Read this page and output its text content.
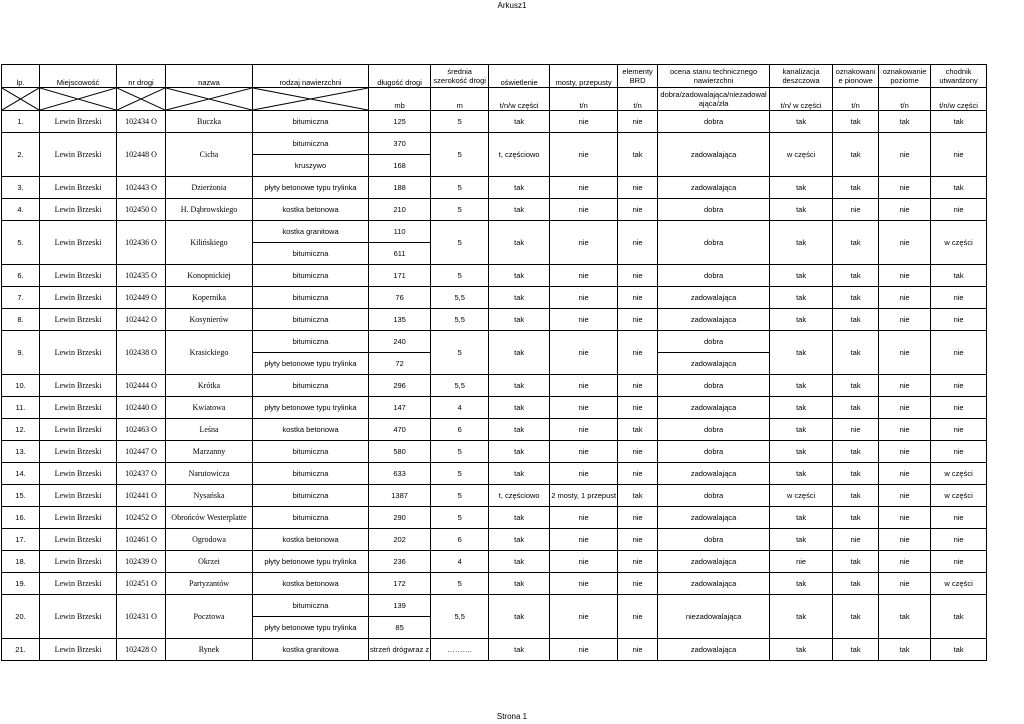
Arkusz1
lp.	Miejscowość	nr drogi	nazwa	rodzaj nawierzchni	długość drogi	średnia szerokość drogi	oświetlenie	mosty, przepusty	elementy BRD	ocena stanu technicznego nawierzchni	kanalizacja deszczowa	oznakowanie pionowe	oznakowanie poziome	chodnik utwardzony

	mb	m	t/n/w części	t/n	t/n	dobra/zadowalająca/niezadowalająca/zła	t/n/ w części	t/n	t/n	t/n/w części
1.	Lewin Brzeski	102434 O	Buczka	bitumiczna	125	5	tak	nie	nie	dobra	tak	tak	tak	tak
2.	Lewin Brzeski	102448 O	Cicha	bitumiczna	370	5	t, częściowo	nie	tak	zadowalająca	w części	tak	nie	nie
				kruszywo	168									
3.	Lewin Brzeski	102443 O	Dzierżonia	płyty betonowe typu trylinka	188	5	tak	nie	nie	zadowalająca	tak	tak	nie	tak
4.	Lewin Brzeski	102450 O	H. Dąbrowskiego	kostka betonowa	210	5	tak	nie	nie	dobra	tak	nie	nie	nie
5.	Lewin Brzeski	102436 O	Kilińskiego	kostka granitowa	110	5	tak	nie	nie	dobra	tak	tak	nie	w części
				bitumiczna	611									
6.	Lewin Brzeski	102435 O	Konopnickiej	bitumiczna	171	5	tak	nie	nie	dobra	tak	tak	nie	tak
7.	Lewin Brzeski	102449 O	Kopernika	bitumiczna	76	5,5	tak	nie	nie	zadowalająca	tak	tak	nie	nie
8.	Lewin Brzeski	102442 O	Kosynierów	bitumiczna	135	5,5	tak	nie	nie	zadowalająca	tak	tak	nie	nie
9.	Lewin Brzeski	102438 O	Krasickiego	bitumiczna	240	5	tak	nie	nie	dobra	tak	tak	nie	nie
				płyty betonowe typu trylinka	72					zadowalająca				
10.	Lewin Brzeski	102444 O	Krótka	bitumiczna	296	5,5	tak	nie	nie	dobra	tak	tak	nie	nie
11.	Lewin Brzeski	102440 O	Kwiatowa	płyty betonowe typu trylinka	147	4	tak	nie	nie	zadowalająca	tak	tak	nie	nie
12.	Lewin Brzeski	102463 O	Leśna	kostka betonowa	470	6	tak	nie	tak	dobra	tak	nie	nie	nie
13.	Lewin Brzeski	102447 O	Marzanny	bitumiczna	580	5	tak	nie	nie	dobra	tak	tak	nie	nie
14.	Lewin Brzeski	102437 O	Narutowicza	bitumiczna	633	5	tak	nie	nie	zadowalająca	tak	tak	nie	w części
15.	Lewin Brzeski	102441 O	Nysańska	bitumiczna	1387	5	t, częściowo	2 mosty, 1 przepust	tak	dobra	w części	tak	nie	w części
16.	Lewin Brzeski	102452 O	Obrońców Westerplatte	bitumiczna	290	5	tak	nie	nie	zadowalająca	tak	tak	nie	nie
17.	Lewin Brzeski	102461 O	Ogrodowa	kostka betonowa	202	6	tak	nie	nie	dobra	tak	nie	nie	nie
18.	Lewin Brzeski	102439 O	Okrzei	płyty betonowe typu trylinka	236	4	tak	nie	nie	zadowalająca	nie	tak	nie	nie
19.	Lewin Brzeski	102451 O	Partyzantów	kostka betonowa	172	5	tak	nie	nie	zadowalająca	tak	tak	nie	w części
20.	Lewin Brzeski	102431 O	Pocztowa	bitumiczna	139	5,5	tak	nie	nie	niezadowalająca	tak	tak	tak	tak
				płyty betonowe typu trylinka	85									
21.	Lewin Brzeski	102428 O	Rynek	kostka granitowa	strzeń drógwraz z	……….	tak	nie	nie	zadowalająca	tak	tak	tak	tak
Strona 1
